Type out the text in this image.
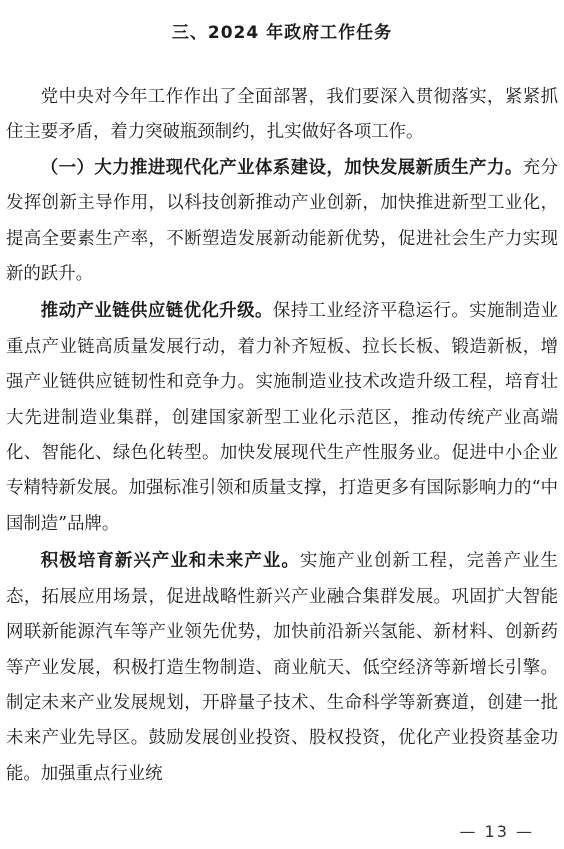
三、2024 年政府工作任务

党中央对今年工作作出了全面部署，我们要深入贯彻落实，紧紧抓住主要矛盾，着力突破瓶颈制约，扎实做好各项工作。

（一）大力推进现代化产业体系建设，加快发展新质生产力。充分发挥创新主导作用，以科技创新推动产业创新，加快推进新型工业化，提高全要素生产率，不断塑造发展新动能新优势，促进社会生产力实现新的跃升。

推动产业链供应链优化升级。保持工业经济平稳运行。实施制造业重点产业链高质量发展行动，着力补齐短板、拉长长板、锻造新板，增强产业链供应链韧性和竞争力。实施制造业技术改造升级工程，培育壮大先进制造业集群，创建国家新型工业化示范区，推动传统产业高端化、智能化、绿色化转型。加快发展现代生产性服务业。促进中小企业专精特新发展。加强标准引领和质量支撑，打造更多有国际影响力的“中国制造”品牌。

积极培育新兴产业和未来产业。实施产业创新工程，完善产业生态，拓展应用场景，促进战略性新兴产业融合集群发展。巩固扩大智能网联新能源汽车等产业领先优势，加快前沿新兴氢能、新材料、创新药等产业发展，积极打造生物制造、商业航天、低空经济等新增长引擎。制定未来产业发展规划，开辟量子技术、生命科学等新赛道，创建一批未来产业先导区。鼓励发展创业投资、股权投资，优化产业投资基金功能。加强重点行业统

— 13 —
